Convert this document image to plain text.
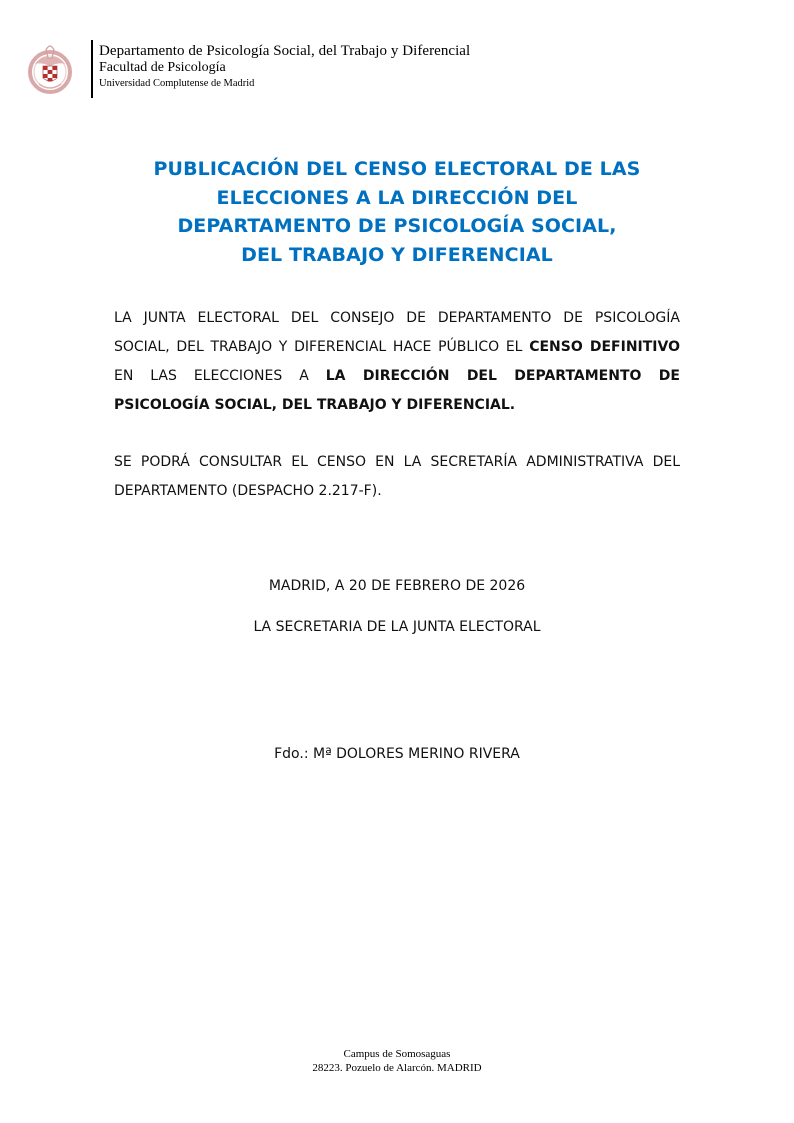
Departamento de Psicología Social, del Trabajo y Diferencial
Facultad de Psicología
Universidad Complutense de Madrid
PUBLICACIÓN DEL CENSO ELECTORAL DE LAS
ELECCIONES A LA DIRECCIÓN DEL
DEPARTAMENTO DE PSICOLOGÍA SOCIAL,
DEL TRABAJO Y DIFERENCIAL
LA JUNTA ELECTORAL DEL CONSEJO DE DEPARTAMENTO DE PSICOLOGÍA
SOCIAL, DEL TRABAJO Y DIFERENCIAL HACE PÚBLICO EL CENSO DEFINITIVO
EN LAS ELECCIONES A LA DIRECCIÓN DEL DEPARTAMENTO DE
PSICOLOGÍA SOCIAL, DEL TRABAJO Y DIFERENCIAL.
SE PODRÁ CONSULTAR EL CENSO EN LA SECRETARÍA ADMINISTRATIVA DEL
DEPARTAMENTO (DESPACHO 2.217-F).
MADRID, A 20 DE FEBRERO DE 2026
LA SECRETARIA DE LA JUNTA ELECTORAL
Fdo.: Mª DOLORES MERINO RIVERA
Campus de Somosaguas
28223. Pozuelo de Alarcón. MADRID
